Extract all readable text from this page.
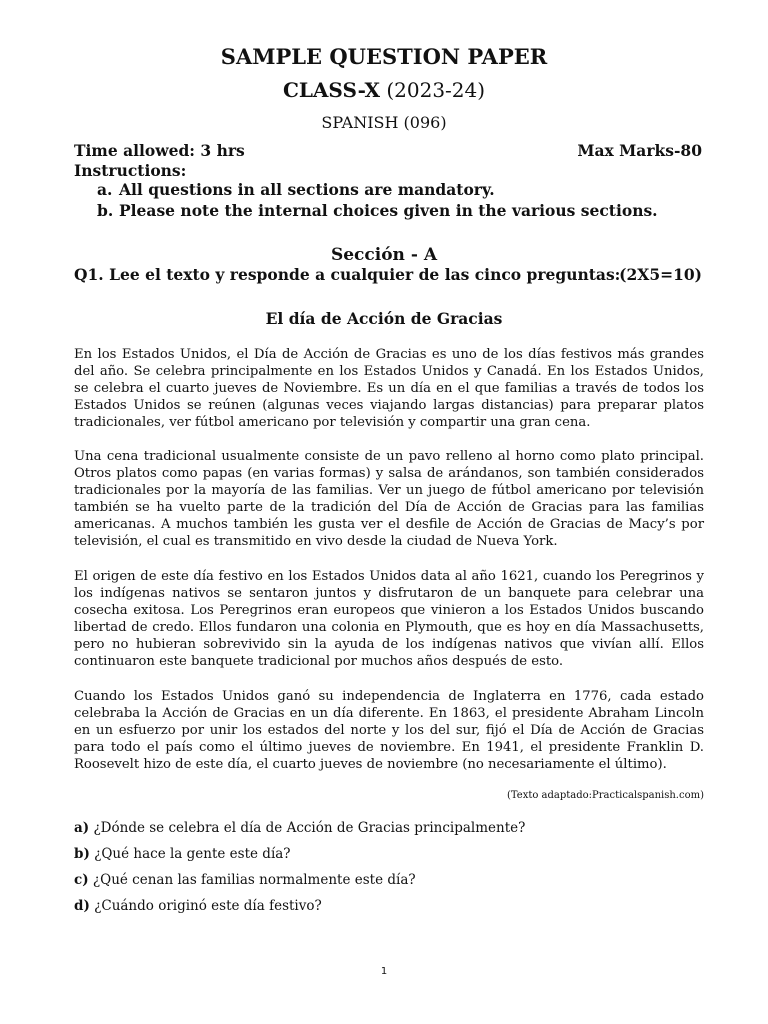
SAMPLE QUESTION PAPER
CLASS-X (2023-24)
SPANISH (096)
Time allowed: 3 hrs	Max Marks-80
Instructions:
a. All questions in all sections are mandatory.
b. Please note the internal choices given in the various sections.
Sección - A
Q1. Lee el texto y responde a cualquier de las cinco preguntas:
(2X5=10)
El día de Acción de Gracias

En los Estados Unidos, el Día de Acción de Gracias es uno de los días festivos más grandes del año. Se celebra principalmente en los Estados Unidos y Canadá. En los Estados Unidos, se celebra el cuarto jueves de Noviembre. Es un día en el que familias a través de todos los Estados Unidos se reúnen (algunas veces viajando largas distancias) para preparar platos tradicionales, ver fútbol americano por televisión y compartir una gran cena.

Una cena tradicional usualmente consiste de un pavo relleno al horno como plato principal. Otros platos como papas (en varias formas) y salsa de arándanos, son también considerados tradicionales por la mayoría de las familias. Ver un juego de fútbol americano por televisión también se ha vuelto parte de la tradición del Día de Acción de Gracias para las familias americanas. A muchos también les gusta ver el desfile de Acción de Gracias de Macy’s por televisión, el cual es transmitido en vivo desde la ciudad de Nueva York.

El origen de este día festivo en los Estados Unidos data al año 1621, cuando los Peregrinos y los indígenas nativos se sentaron juntos y disfrutaron de un banquete para celebrar una cosecha exitosa. Los Peregrinos eran europeos que vinieron a los Estados Unidos buscando libertad de credo. Ellos fundaron una colonia en Plymouth, que es hoy en día Massachusetts, pero no hubieran sobrevivido sin la ayuda de los indígenas nativos que vivían allí. Ellos continuaron este banquete tradicional por muchos años después de esto.

Cuando los Estados Unidos ganó su independencia de Inglaterra en 1776, cada estado celebraba la Acción de Gracias en un día diferente. En 1863, el presidente Abraham Lincoln en un esfuerzo por unir los estados del norte y los del sur, fijó el Día de Acción de Gracias para todo el país como el último jueves de noviembre. En 1941, el presidente Franklin D. Roosevelt hizo de este día, el cuarto jueves de noviembre (no necesariamente el último).

(Texto adaptado:Practicalspanish.com)
a) ¿Dónde se celebra el día de Acción de Gracias principalmente?
b) ¿Qué hace la gente este día?
c) ¿Qué cenan las familias normalmente este día?
d) ¿Cuándo originó este día festivo?
1
